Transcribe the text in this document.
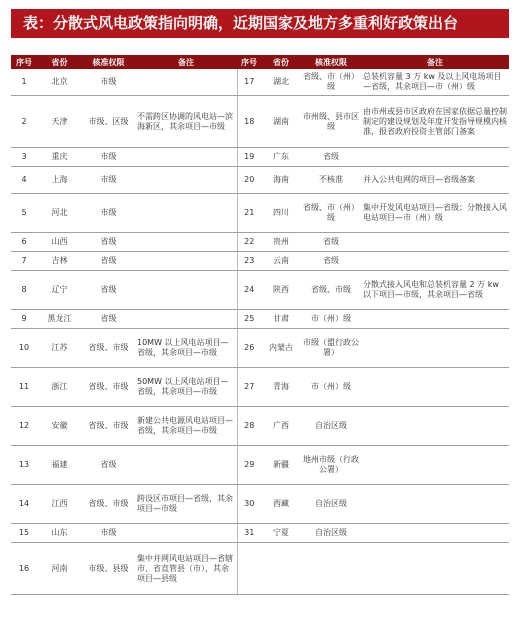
表：分散式风电政策指向明确，近期国家及地方多重利好政策出台
序号	省份	核准权限	备注	序号	省份	核准权限	备注
1	北京	市级		17	湖北	省级、市（州）级	总装机容量 3 万 kw 及以上风电场项目—省级，其余项目—市（州）级
2	天津	市级、区级	不需跨区协调的风电站—滨海新区，其余项目—市级	18	湖南	市州级、县市区级	由市州或县市区政府在国家依据总量控制制定的建设规划及年度开发指导规模内核准，报省政府投资主管部门备案
3	重庆	市级		19	广东	省级	
4	上海	市级		20	海南	不核准	并入公共电网的项目—省级备案
5	河北	市级		21	四川	省级、市（州）级	集中开发风电站项目—省级；分散接入风电站项目—市（州）级
6	山西	省级		22	贵州	省级	
7	吉林	省级		23	云南	省级	
8	辽宁	省级		24	陕西	省级、市级	分散式接入风电和总装机容量 2 万 kw 以下项目—市级，其余项目—省级
9	黑龙江	省级		25	甘肃	市（州）级	
10	江苏	省级、市级	10MW 以上风电站项目—省级，其余项目—市级	26	内蒙古	市级（盟行政公署）	
11	浙江	省级、市级	50MW 以上风电站项目—省级，其余项目—市级	27	青海	市（州）级	
12	安徽	省级、市级	新建公共电源风电站项目—省级，其余项目—市级	28	广西	自治区级	
13	福建	省级		29	新疆	地州市级（行政公署）	
14	江西	省级、市级	跨设区市项目—省级，其余项目—市级	30	西藏	自治区级	
15	山东	市级		31	宁夏	自治区级	
16	河南	市级、县级	集中并网风电站项目—省辖市、省直管县（市），其余项目—县级				
